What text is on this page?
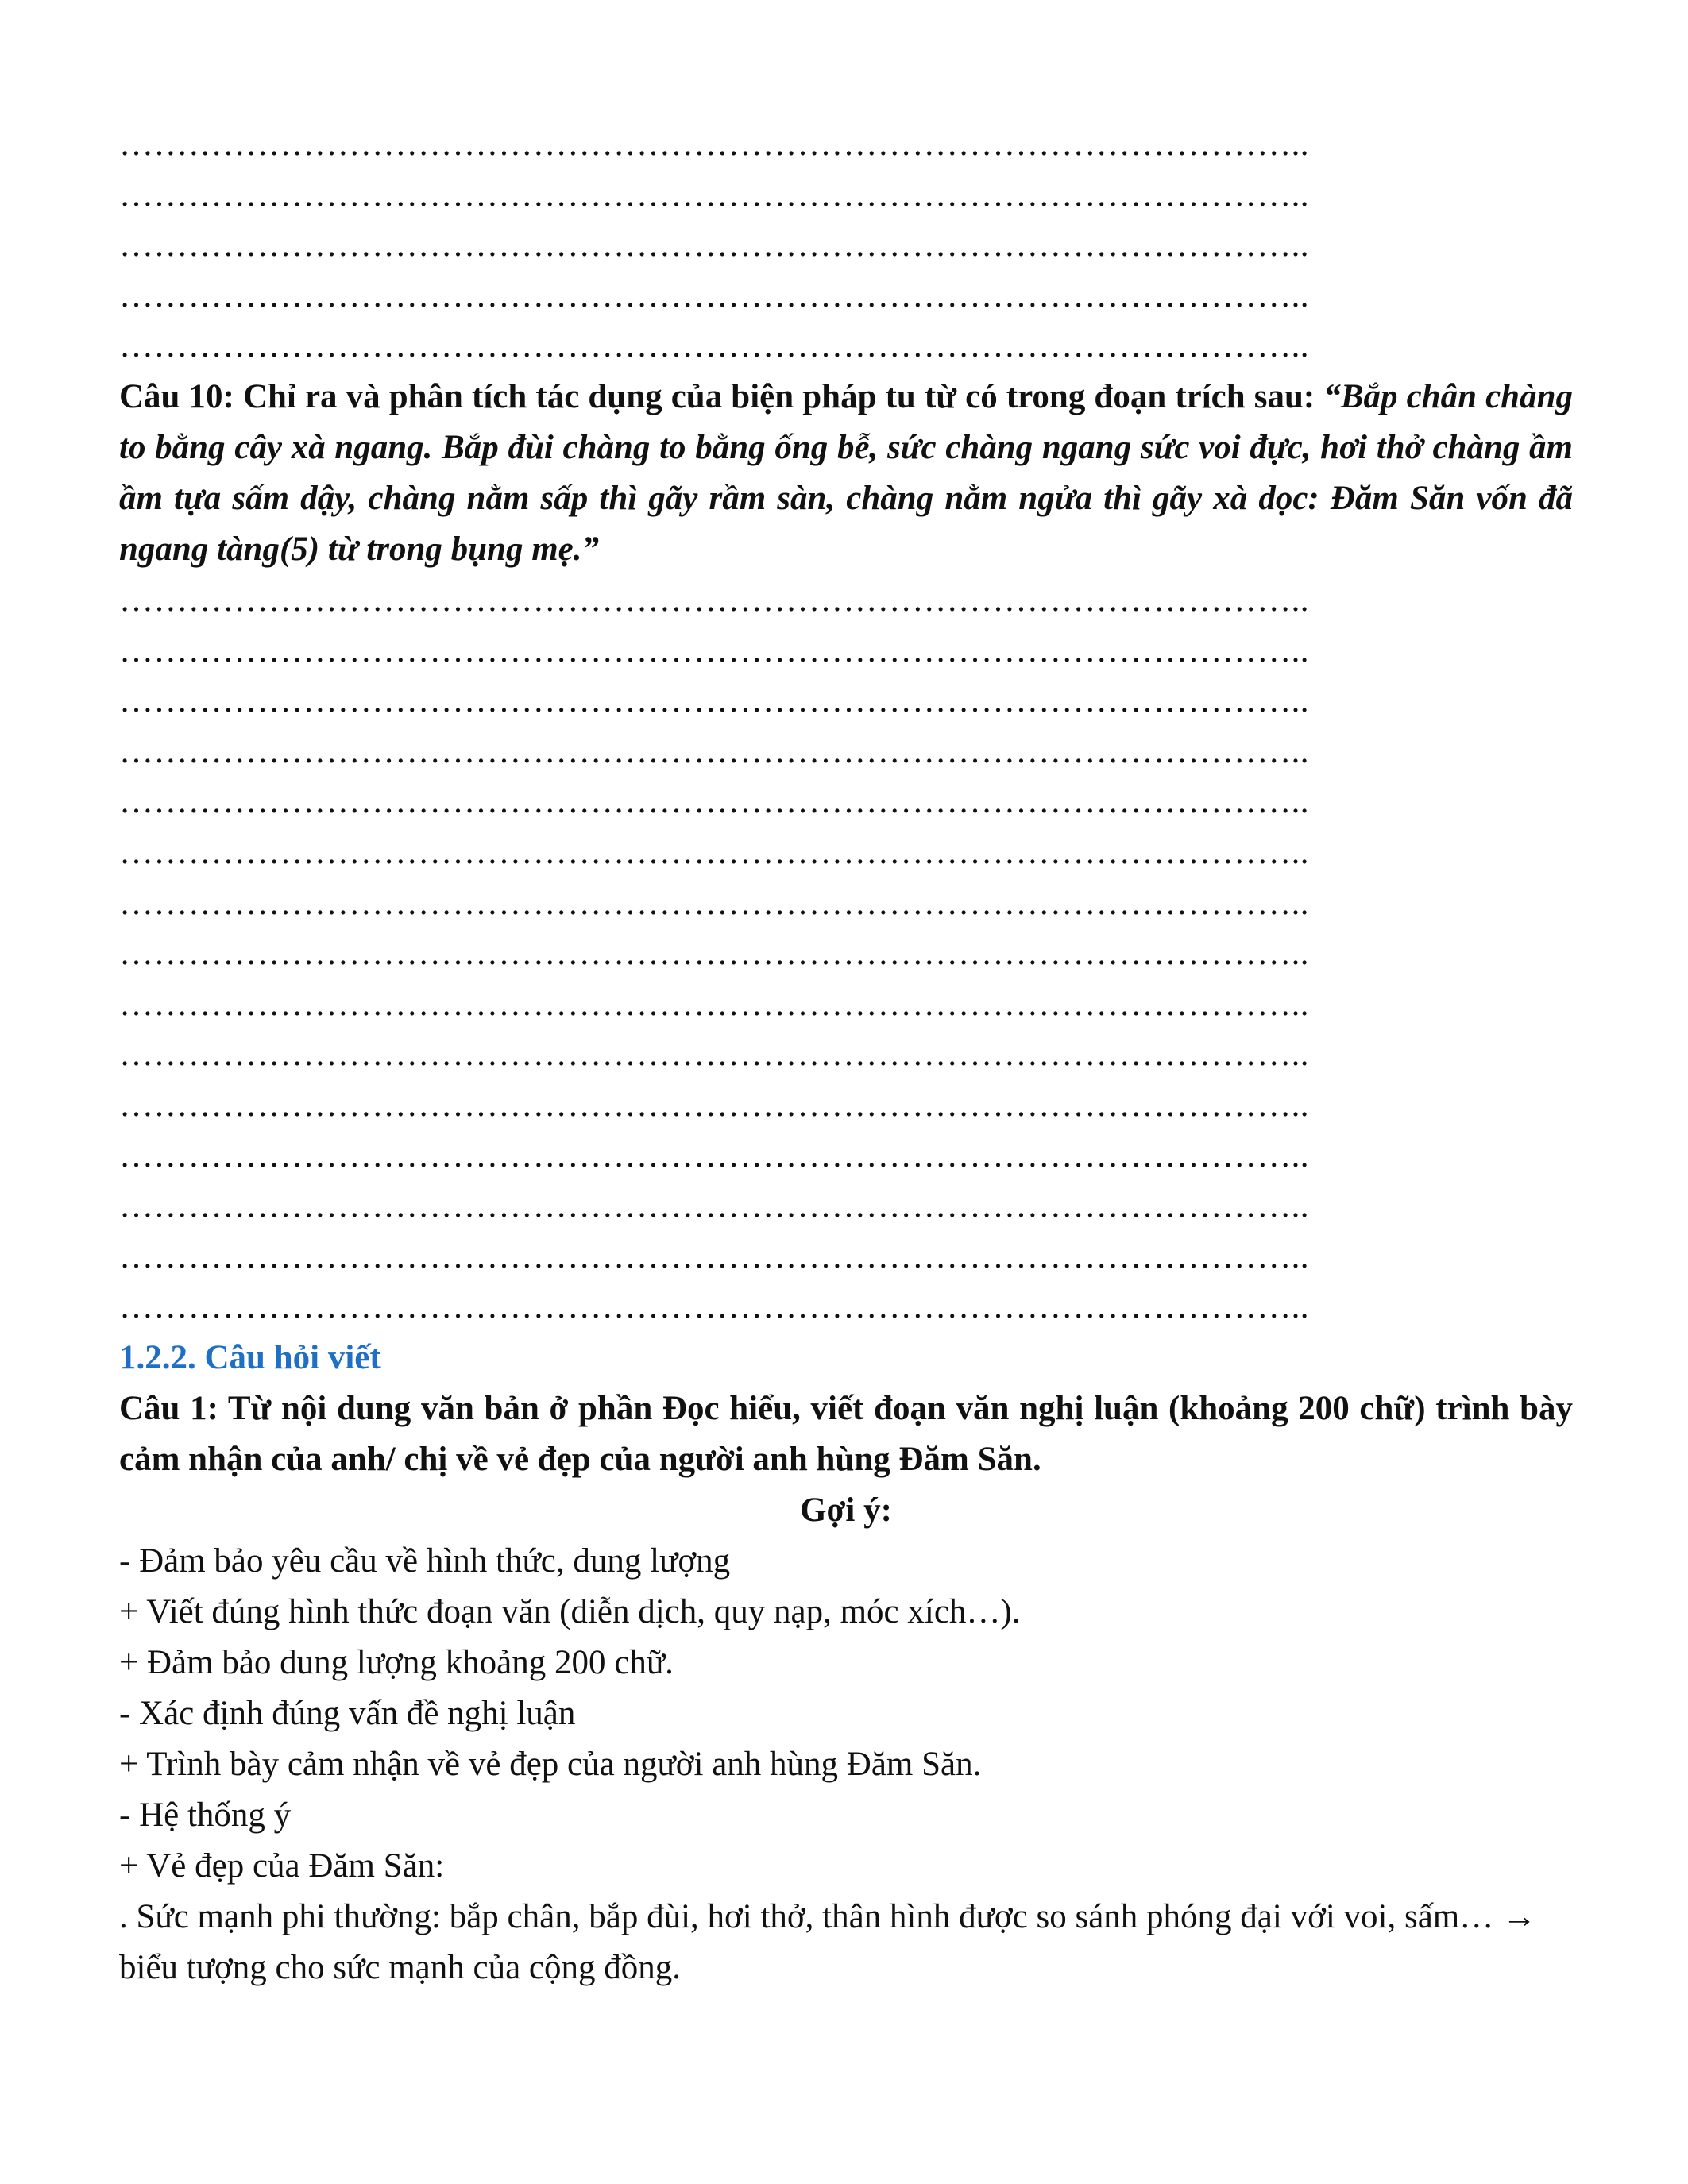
…………………………………………………………………………………………..
…………………………………………………………………………………………..
…………………………………………………………………………………………..
…………………………………………………………………………………………..
…………………………………………………………………………………………..

Câu 10: Chỉ ra và phân tích tác dụng của biện pháp tu từ có trong đoạn trích sau: “Bắp chân chàng to bằng cây xà ngang. Bắp đùi chàng to bằng ống bễ, sức chàng ngang sức voi đực, hơi thở chàng ầm ầm tựa sấm dậy, chàng nằm sấp thì gãy rầm sàn, chàng nằm ngửa thì gãy xà dọc: Đăm Săn vốn đã ngang tàng(5) từ trong bụng mẹ.”

…………………………………………………………………………………………..
…………………………………………………………………………………………..
…………………………………………………………………………………………..
…………………………………………………………………………………………..
…………………………………………………………………………………………..
…………………………………………………………………………………………..
…………………………………………………………………………………………..
…………………………………………………………………………………………..
…………………………………………………………………………………………..
…………………………………………………………………………………………..
…………………………………………………………………………………………..
…………………………………………………………………………………………..
…………………………………………………………………………………………..
…………………………………………………………………………………………..
…………………………………………………………………………………………..

1.2.2. Câu hỏi viết

Câu 1: Từ nội dung văn bản ở phần Đọc hiểu, viết đoạn văn nghị luận (khoảng 200 chữ) trình bày cảm nhận của anh/ chị về vẻ đẹp của người anh hùng Đăm Săn.

Gợi ý:

- Đảm bảo yêu cầu về hình thức, dung lượng

+ Viết đúng hình thức đoạn văn (diễn dịch, quy nạp, móc xích…).

+ Đảm bảo dung lượng khoảng 200 chữ.

- Xác định đúng vấn đề nghị luận

+ Trình bày cảm nhận về vẻ đẹp của người anh hùng Đăm Săn.

- Hệ thống ý

+ Vẻ đẹp của Đăm Săn:

. Sức mạnh phi thường: bắp chân, bắp đùi, hơi thở, thân hình được so sánh phóng đại với voi, sấm… → biểu tượng cho sức mạnh của cộng đồng.
